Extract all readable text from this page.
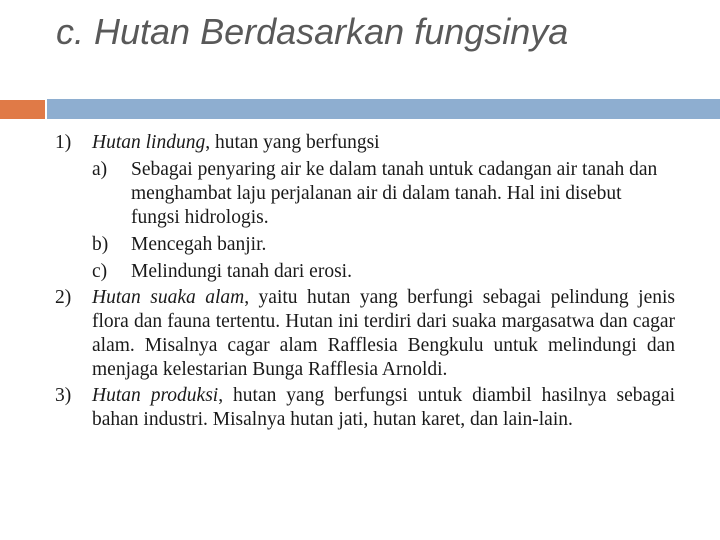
c. Hutan Berdasarkan fungsinya
1)	Hutan lindung, hutan yang berfungsi
a)	Sebagai penyaring air ke dalam tanah untuk cadangan air tanah dan menghambat laju perjalanan air di dalam tanah. Hal ini disebut fungsi hidrologis.
b)	Mencegah banjir.
c)	Melindungi tanah dari erosi.
2)	Hutan suaka alam, yaitu hutan yang berfungi sebagai pelindung jenis flora dan fauna tertentu. Hutan ini terdiri dari suaka margasatwa dan cagar alam. Misalnya cagar alam Rafflesia Bengkulu untuk melindungi dan menjaga kelestarian Bunga Rafflesia Arnoldi.
3)	Hutan produksi, hutan yang berfungsi untuk diambil hasilnya sebagai bahan industri. Misalnya hutan jati, hutan karet, dan lain-lain.
